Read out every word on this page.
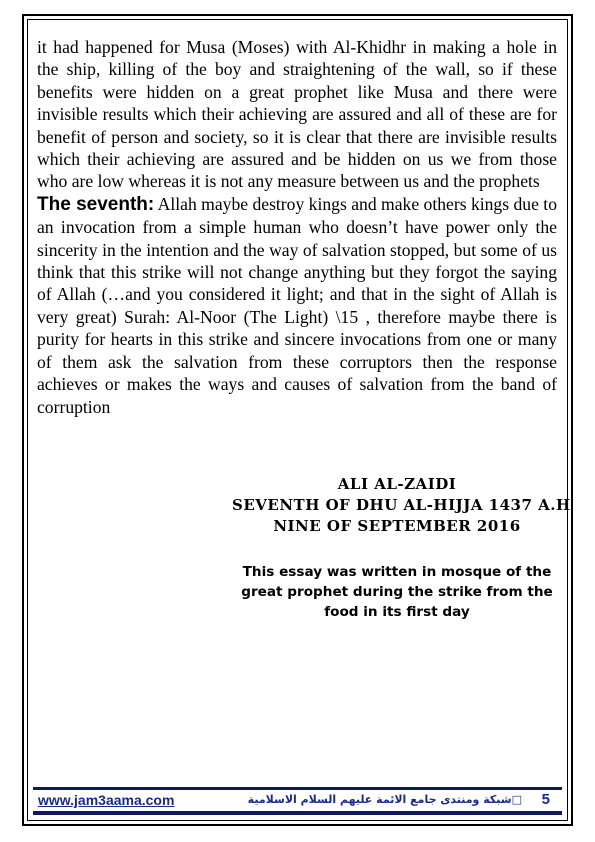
it had happened for Musa (Moses) with Al-Khidhr in making a hole in the ship, killing of the boy and straightening of the wall, so if these benefits were hidden on a great prophet like Musa and there were invisible results which their achieving are assured and all of these are for benefit of person and society, so it is clear that there are invisible results which their achieving are assured and be hidden on us we from those who are low whereas it is not any measure between us and the prophets

The seventh: Allah maybe destroy kings and make others kings due to an invocation from a simple human who doesn’t have power only the sincerity in the intention and the way of salvation stopped, but some of us think that this strike will not change anything but they forgot the saying of Allah (…and you considered it light; and that in the sight of Allah is very great) Surah: Al-Noor (The Light) \15 , therefore maybe there is purity for hearts in this strike and sincere invocations from one or many of them ask the salvation from these corruptors then the response achieves or makes the ways and causes of salvation from the band of corruption

ALI AL-ZAIDI
SEVENTH OF DHU AL-HIJJA 1437 A.H
NINE OF SEPTEMBER 2016
This essay was written in mosque of the great prophet during the strike from the food in its first day
www.jam3aama.com	□شبكة ومنتدى جامع الائمة عليهم السلام الاسلامية 5
